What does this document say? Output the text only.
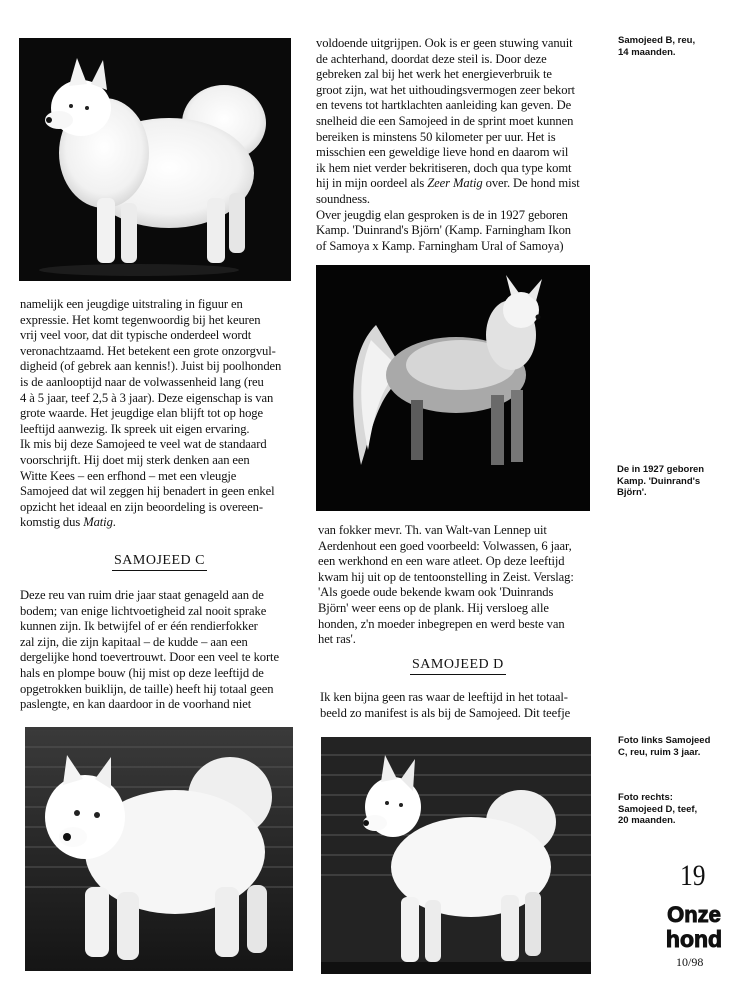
Samojeed B, reu,
14 maanden.
De in 1927 geboren
Kamp. 'Duinrand's
Björn'.
Foto links Samojeed
C, reu, ruim 3 jaar.
Foto rechts:
Samojeed D, teef,
20 maanden.

namelijk een jeugdige uitstraling in figuur en

expressie. Het komt tegenwoordig bij het keuren

vrij veel voor, dat dit typische onderdeel wordt

veronachtzaamd. Het betekent een grote onzorgvul-

digheid (of gebrek aan kennis!). Juist bij poolhonden

is de aanlooptijd naar de volwassenheid lang (reu

4 à 5 jaar, teef 2,5 à 3 jaar). Deze eigenschap is van

grote waarde. Het jeugdige elan blijft tot op hoge

leeftijd aanwezig. Ik spreek uit eigen ervaring.

Ik mis bij deze Samojeed te veel wat de standaard

voorschrijft. Hij doet mij sterk denken aan een

Witte Kees – een erfhond – met een vleugje

Samojeed dat wil zeggen hij benadert in geen enkel

opzicht het ideaal en zijn beoordeling is overeen-

komstig dus Matig.

SAMOJEED C

Deze reu van ruim drie jaar staat genageld aan de

bodem; van enige lichtvoetigheid zal nooit sprake

kunnen zijn. Ik betwijfel of er één rendierfokker

zal zijn, die zijn kapitaal – de kudde – aan een

dergelijke hond toevertrouwt. Door een veel te korte

hals en plompe bouw (hij mist op deze leeftijd de

opgetrokken buiklijn, de taille) heeft hij totaal geen

paslengte, en kan daardoor in de voorhand niet

voldoende uitgrijpen. Ook is er geen stuwing vanuit

de achterhand, doordat deze steil is. Door deze

gebreken zal bij het werk het energieverbruik te

groot zijn, wat het uithoudingsvermogen zeer bekort

en tevens tot hartklachten aanleiding kan geven. De

snelheid die een Samojeed in de sprint moet kunnen

bereiken is minstens 50 kilometer per uur. Het is

misschien een geweldige lieve hond en daarom wil

ik hem niet verder bekritiseren, doch qua type komt

hij in mijn oordeel als Zeer Matig over. De hond mist

soundness.

Over jeugdig elan gesproken is de in 1927 geboren

Kamp. 'Duinrand's Björn' (Kamp. Farningham Ikon

of Samoya x Kamp. Farningham Ural of Samoya)

van fokker mevr. Th. van Walt-van Lennep uit

Aerdenhout een goed voorbeeld: Volwassen, 6 jaar,

een werkhond en een ware atleet. Op deze leeftijd

kwam hij uit op de tentoonstelling in Zeist. Verslag:

'Als goede oude bekende kwam ook 'Duinrands

Björn' weer eens op de plank. Hij versloeg alle

honden, z'n moeder inbegrepen en werd beste van

het ras'.

SAMOJEED D

Ik ken bijna geen ras waar de leeftijd in het totaal-

beeld zo manifest is als bij de Samojeed. Dit teefje

19
Onze
hond
10/98
